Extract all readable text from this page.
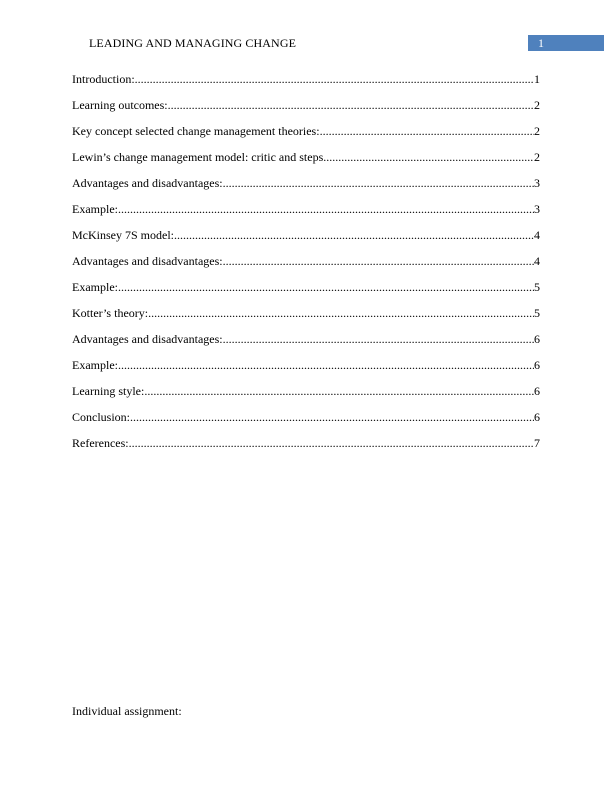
LEADING AND MANAGING CHANGE	1
Introduction: .....	1
Learning outcomes: .....	2
Key concept selected change management theories: .....	2
Lewin’s change management model: critic and steps .....	2
Advantages and disadvantages: .....	3
Example: .....	3
McKinsey 7S model: .....	4
Advantages and disadvantages: .....	4
Example: .....	5
Kotter’s theory: .....	5
Advantages and disadvantages: .....	6
Example: .....	6
Learning style: .....	6
Conclusion: .....	6
References: .....	7
Individual assignment:
